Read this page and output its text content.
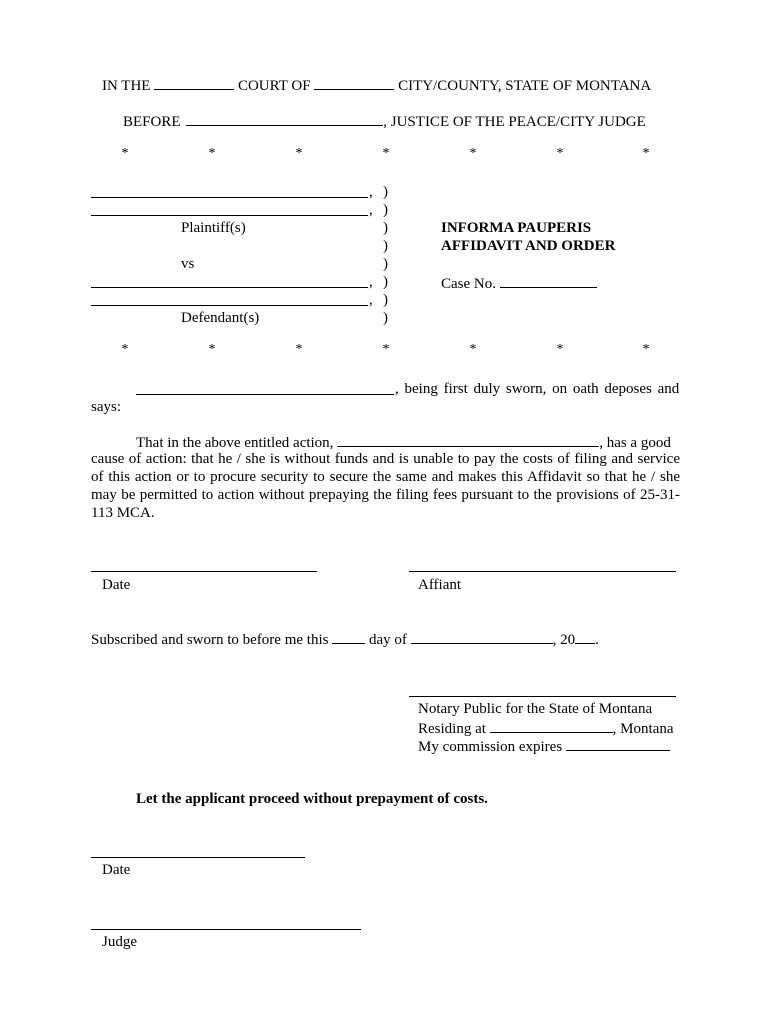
IN THE	COURT OF	CITY/COUNTY, STATE OF MONTANA
BEFORE	, JUSTICE OF THE PEACE/CITY JUDGE
*	*	*	*	*	*	*
,
,
Plaintiff(s)
vs
,
,
Defendant(s)
)
)
)
)
)
)
)
)
INFORMA PAUPERIS
AFFIDAVIT AND ORDER
Case No.
*	*	*	*	*	*	*
, being first duly sworn, on oath deposes and
says:
That in the above entitled action,	, has a good
cause of action: that he / she is without funds and is unable to pay the costs of filing and service of this action or to procure security to secure the same and makes this Affidavit so that he / she may be permitted to action without prepaying the filing fees pursuant to the provisions of 25-31-113 MCA.
Date	Affiant
Subscribed and sworn to before me this	day of	, 20 .
Notary Public for the State of Montana
Residing at	, Montana
My commission expires
Let the applicant proceed without prepayment of costs.
Date
Judge
